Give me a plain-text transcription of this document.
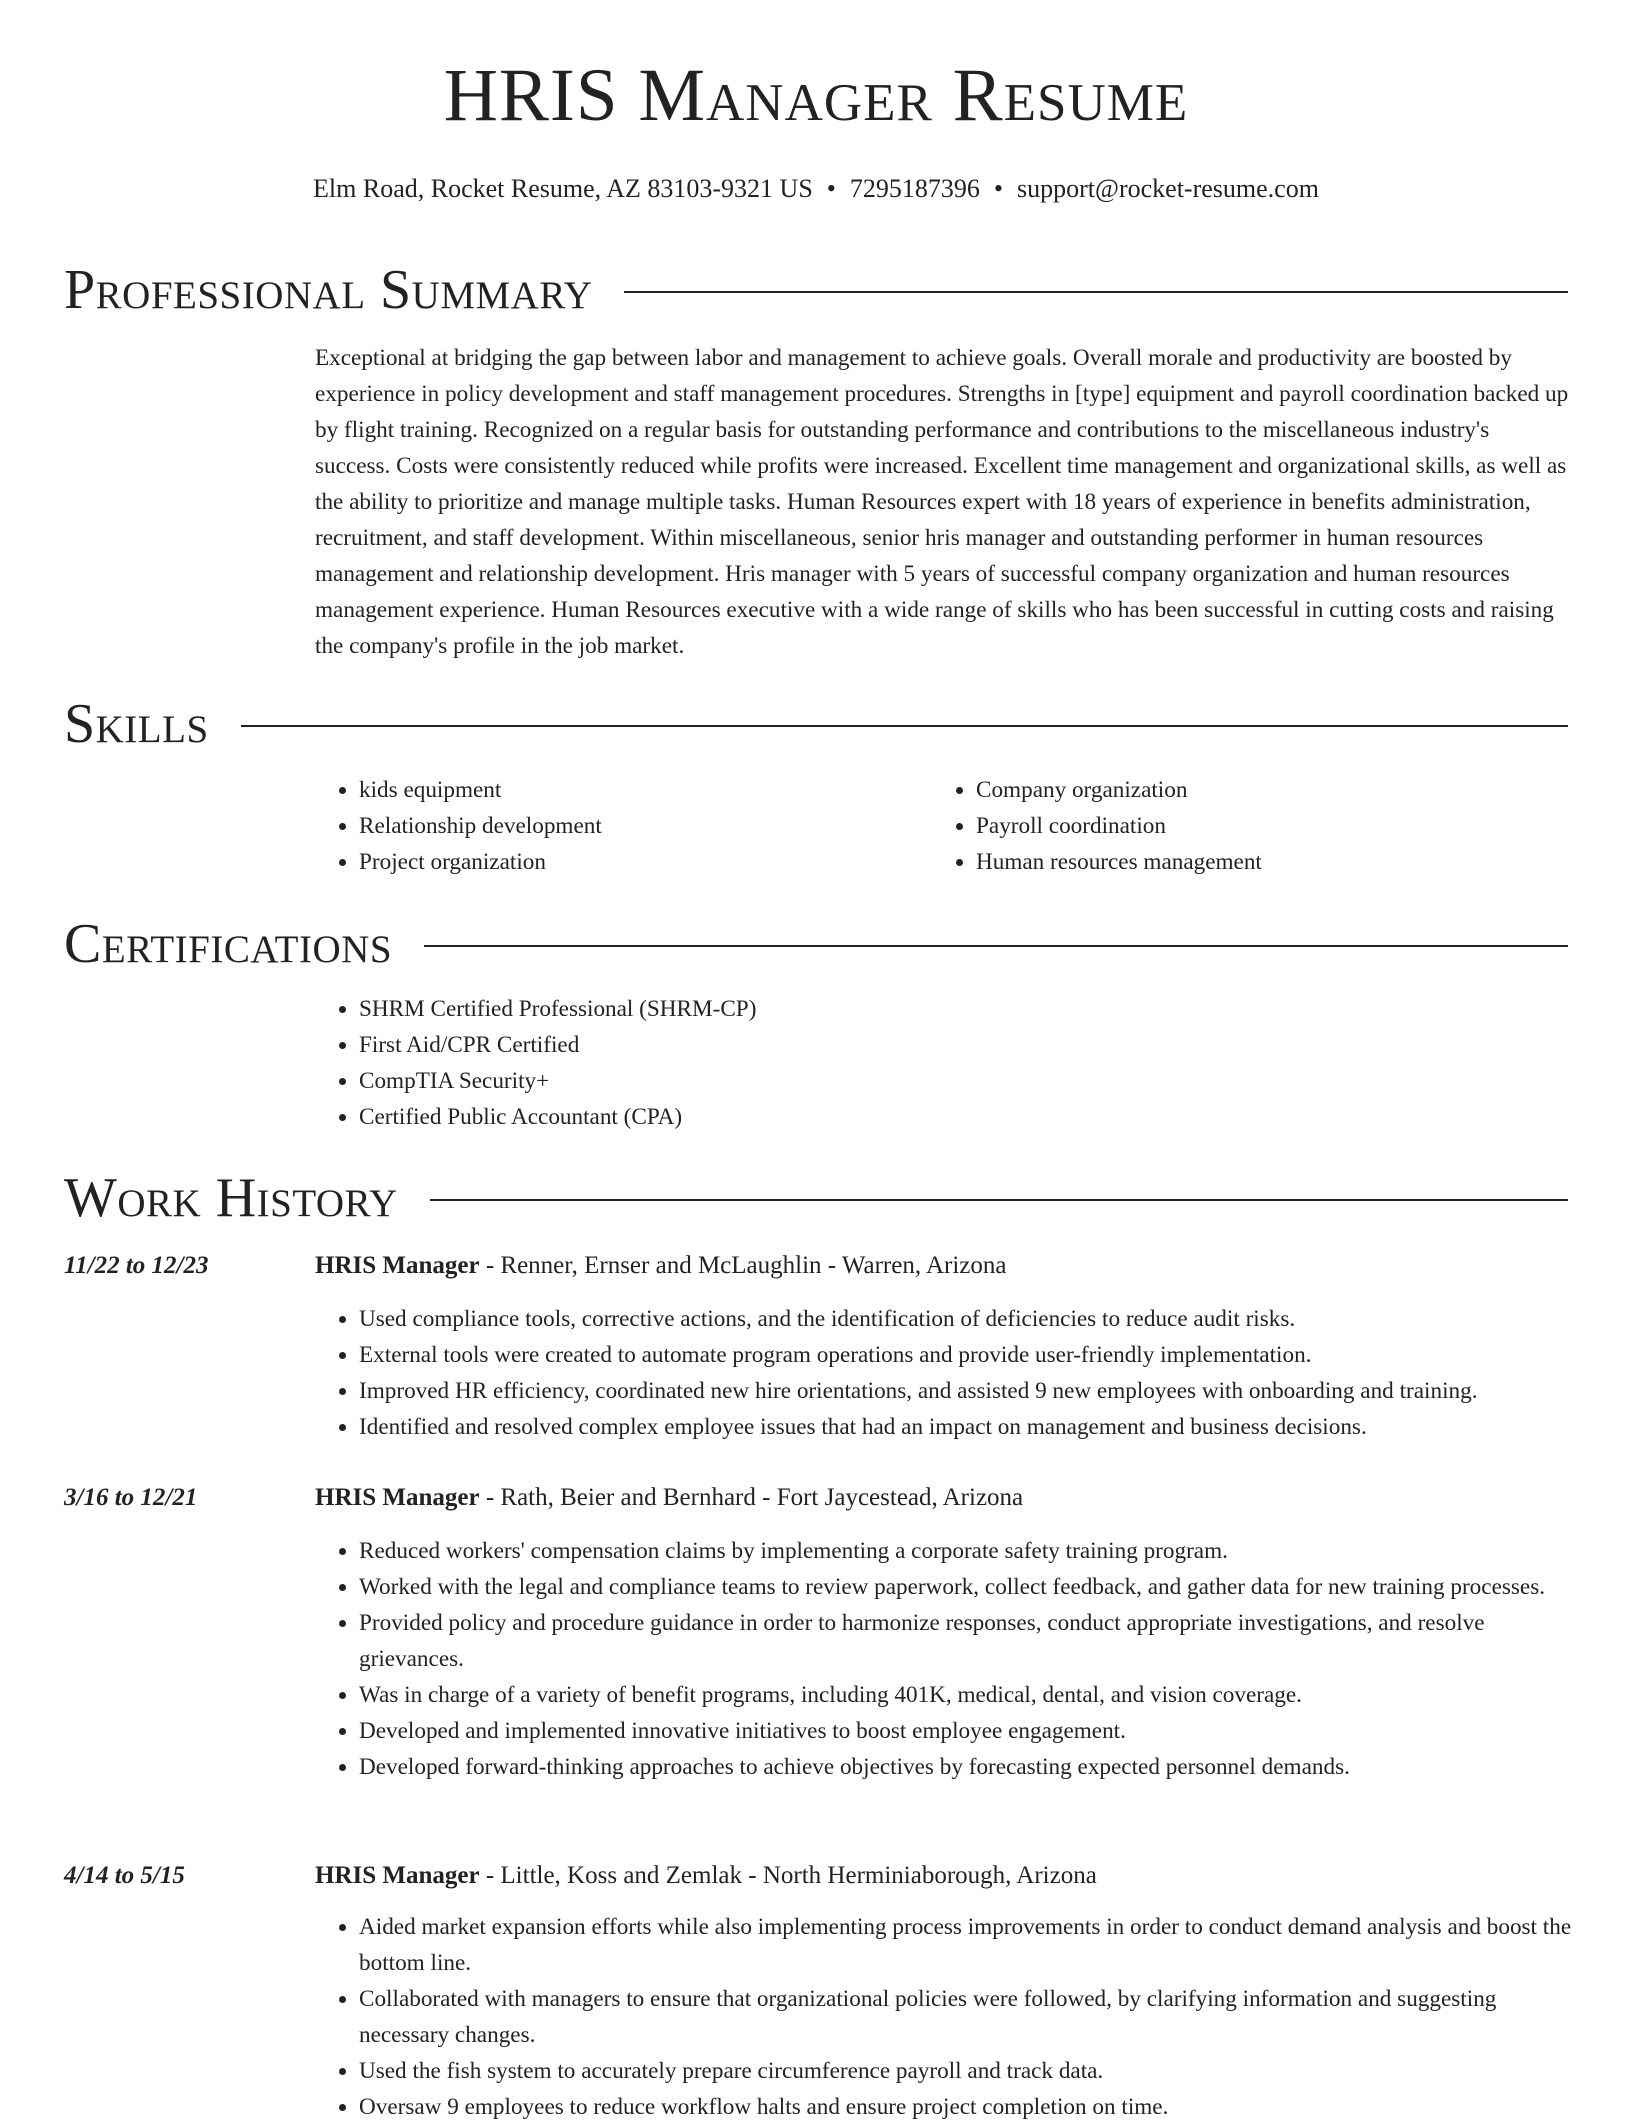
HRIS Manager Resume

Elm Road, Rocket Resume, AZ 83103-9321 US • 7295187396 • support@rocket-resume.com

Professional Summary

Exceptional at bridging the gap between labor and management to achieve goals. Overall morale and productivity are boosted by experience in policy development and staff management procedures. Strengths in [type] equipment and payroll coordination backed up by flight training. Recognized on a regular basis for outstanding performance and contributions to the miscellaneous industry's success. Costs were consistently reduced while profits were increased. Excellent time management and organizational skills, as well as the ability to prioritize and manage multiple tasks. Human Resources expert with 18 years of experience in benefits administration, recruitment, and staff development. Within miscellaneous, senior hris manager and outstanding performer in human resources management and relationship development. Hris manager with 5 years of successful company organization and human resources management experience. Human Resources executive with a wide range of skills who has been successful in cutting costs and raising the company's profile in the job market.

Skills
• kids equipment
• Relationship development
• Project organization
• Company organization
• Payroll coordination
• Human resources management
Certifications
• SHRM Certified Professional (SHRM-CP)
• First Aid/CPR Certified
• CompTIA Security+
• Certified Public Accountant (CPA)
Work History
11/22 to 12/23	HRIS Manager - Renner, Ernser and McLaughlin - Warren, Arizona
• Used compliance tools, corrective actions, and the identification of deficiencies to reduce audit risks.
• External tools were created to automate program operations and provide user-friendly implementation.
• Improved HR efficiency, coordinated new hire orientations, and assisted 9 new employees with onboarding and training.
• Identified and resolved complex employee issues that had an impact on management and business decisions.
3/16 to 12/21	HRIS Manager - Rath, Beier and Bernhard - Fort Jaycestead, Arizona
• Reduced workers' compensation claims by implementing a corporate safety training program.
• Worked with the legal and compliance teams to review paperwork, collect feedback, and gather data for new training processes.
• Provided policy and procedure guidance in order to harmonize responses, conduct appropriate investigations, and resolve grievances.
• Was in charge of a variety of benefit programs, including 401K, medical, dental, and vision coverage.
• Developed and implemented innovative initiatives to boost employee engagement.
• Developed forward-thinking approaches to achieve objectives by forecasting expected personnel demands.
4/14 to 5/15	HRIS Manager - Little, Koss and Zemlak - North Herminiaborough, Arizona
• Aided market expansion efforts while also implementing process improvements in order to conduct demand analysis and boost the bottom line.
• Collaborated with managers to ensure that organizational policies were followed, by clarifying information and suggesting necessary changes.
• Used the fish system to accurately prepare circumference payroll and track data.
• Oversaw 9 employees to reduce workflow halts and ensure project completion on time.
